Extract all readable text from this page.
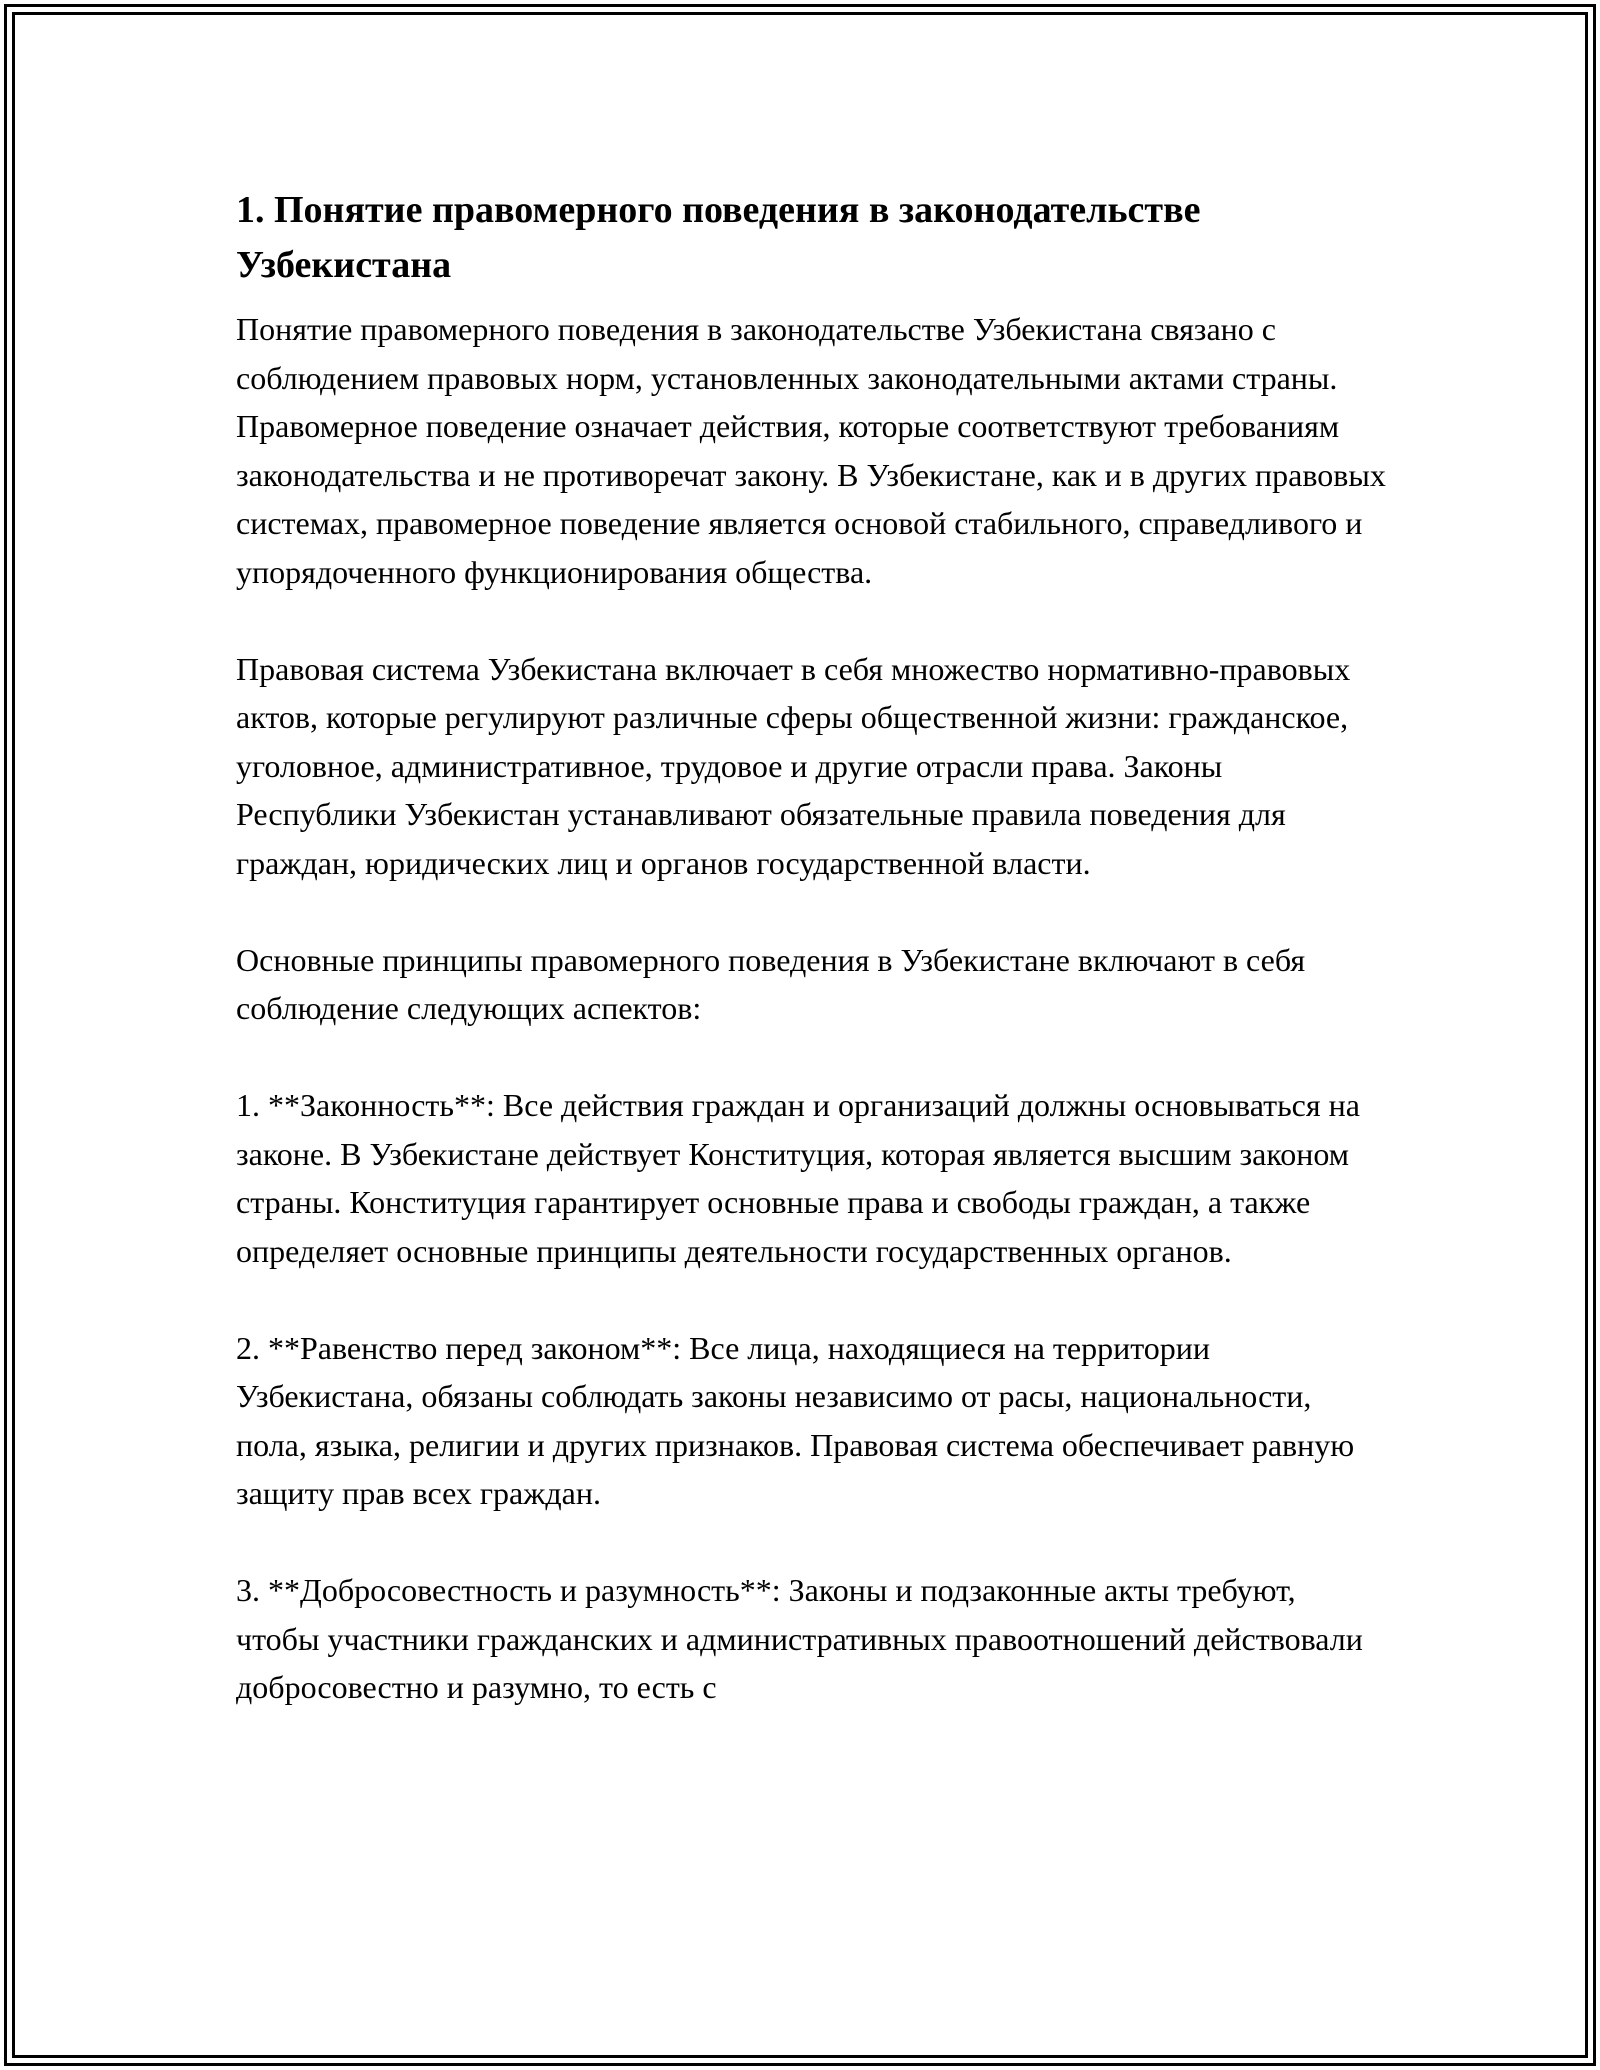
1. Понятие правомерного поведения в законодательстве Узбекистана

Понятие правомерного поведения в законодательстве Узбекистана связано с соблюдением правовых норм, установленных законодательными актами страны. Правомерное поведение означает действия, которые соответствуют требованиям законодательства и не противоречат закону. В Узбекистане, как и в других правовых системах, правомерное поведение является основой стабильного, справедливого и упорядоченного функционирования общества.

Правовая система Узбекистана включает в себя множество нормативно-правовых актов, которые регулируют различные сферы общественной жизни: гражданское, уголовное, административное, трудовое и другие отрасли права. Законы Республики Узбекистан устанавливают обязательные правила поведения для граждан, юридических лиц и органов государственной власти.

Основные принципы правомерного поведения в Узбекистане включают в себя соблюдение следующих аспектов:

1. **Законность**: Все действия граждан и организаций должны основываться на законе. В Узбекистане действует Конституция, которая является высшим законом страны. Конституция гарантирует основные права и свободы граждан, а также определяет основные принципы деятельности государственных органов.

2. **Равенство перед законом**: Все лица, находящиеся на территории Узбекистана, обязаны соблюдать законы независимо от расы, национальности, пола, языка, религии и других признаков. Правовая система обеспечивает равную защиту прав всех граждан.

3. **Добросовестность и разумность**: Законы и подзаконные акты требуют, чтобы участники гражданских и административных правоотношений действовали добросовестно и разумно, то есть с
